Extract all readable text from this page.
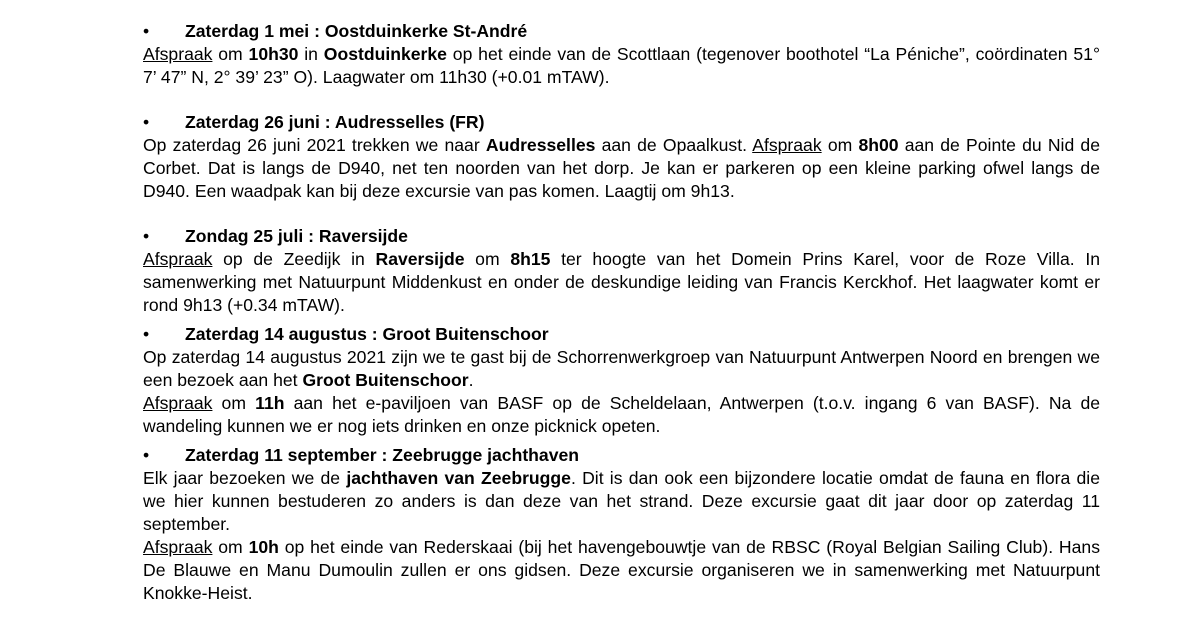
• Zaterdag 1 mei : Oostduinkerke St-André
Afspraak om 10h30 in Oostduinkerke op het einde van de Scottlaan (tegenover boothotel “La Péniche”, coördinaten 51° 7’ 47” N, 2° 39’ 23” O). Laagwater om 11h30 (+0.01 mTAW).
• Zaterdag 26 juni : Audresselles (FR)
Op zaterdag 26 juni 2021 trekken we naar Audresselles aan de Opaalkust. Afspraak om 8h00 aan de Pointe du Nid de Corbet. Dat is langs de D940, net ten noorden van het dorp. Je kan er parkeren op een kleine parking ofwel langs de D940. Een waadpak kan bij deze excursie van pas komen. Laagtij om 9h13.
• Zondag 25 juli : Raversijde
Afspraak op de Zeedijk in Raversijde om 8h15 ter hoogte van het Domein Prins Karel, voor de Roze Villa. In samenwerking met Natuurpunt Middenkust en onder de deskundige leiding van Francis Kerckhof. Het laagwater komt er rond 9h13 (+0.34 mTAW).
• Zaterdag 14 augustus : Groot Buitenschoor
Op zaterdag 14 augustus 2021 zijn we te gast bij de Schorrenwerkgroep van Natuurpunt Antwerpen Noord en brengen we een bezoek aan het Groot Buitenschoor.
Afspraak om 11h aan het e-paviljoen van BASF op de Scheldelaan, Antwerpen (t.o.v. ingang 6 van BASF). Na de wandeling kunnen we er nog iets drinken en onze picknick opeten.
• Zaterdag 11 september : Zeebrugge jachthaven
Elk jaar bezoeken we de jachthaven van Zeebrugge. Dit is dan ook een bijzondere locatie omdat de fauna en flora die we hier kunnen bestuderen zo anders is dan deze van het strand. Deze excursie gaat dit jaar door op zaterdag 11 september.
Afspraak om 10h op het einde van Rederskaai (bij het havengebouwtje van de RBSC (Royal Belgian Sailing Club). Hans De Blauwe en Manu Dumoulin zullen er ons gidsen. Deze excursie organiseren we in samenwerking met Natuurpunt Knokke-Heist.
